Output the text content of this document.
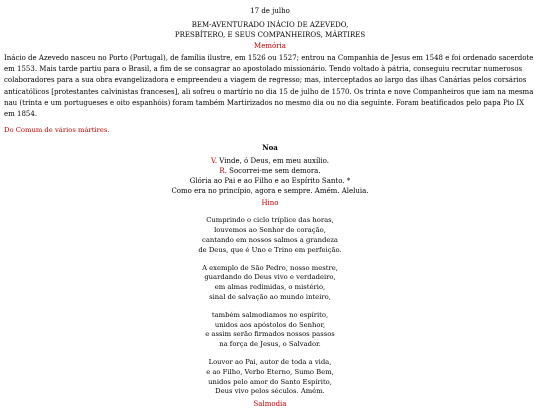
17 de julho
BEM-AVENTURADO INÁCIO DE AZEVEDO,
PRESBÍTERO, E SEUS COMPANHEIROS, MÁRTIRES
Memória
Inácio de Azevedo nasceu no Porto (Portugal), de família ilustre, em 1526 ou 1527; entrou na Companhia de Jesus em 1548 e foi ordenado sacerdote em 1553. Mais tarde partiu para o Brasil, a fim de se consagrar ao apostolado missionário. Tendo voltado à pátria, conseguiu recrutar numerosos colaboradores para a sua obra evangelizadora e empreendeu a viagem de regresso; mas, interceptados ao largo das ilhas Canárias pelos corsários anticatólicos [protestantes calvinistas franceses], ali sofreu o martírio no dia 15 de julho de 1570. Os trinta e nove Companheiros que iam na mesma nau (trinta e um portugueses e oito espanhóis) foram também Martirizados no mesmo dia ou no dia seguinte. Foram beatificados pelo papa Pio IX em 1854.
Do Comum de vários mártires.
Noa
V. Vinde, ó Deus, em meu auxílio.
R. Socorrei-me sem demora.
Glória ao Pai e ao Filho e ao Espírito Santo. *
Como era no princípio, agora e sempre. Amém. Aleluia.
Hino
Cumprindo o ciclo tríplice das horas,
louvemos ao Senhor de coração,
cantando em nossos salmos a grandeza
de Deus, que é Uno e Trino em perfeição.
A exemplo de São Pedro, nosso mestre,
guardando do Deus vivo e verdadeiro,
em almas redimidas, o mistério,
sinal de salvação ao mundo inteiro,
também salmodiamos no espírito,
unidos aos apóstolos do Senhor,
e assim serão firmados nossos passos
na força de Jesus, o Salvador.
Louvor ao Pai, autor de toda a vida,
e ao Filho, Verbo Eterno, Sumo Bem,
unidos pelo amor do Santo Espírito,
Deus vivo pelos séculos. Amém.
Salmodia
